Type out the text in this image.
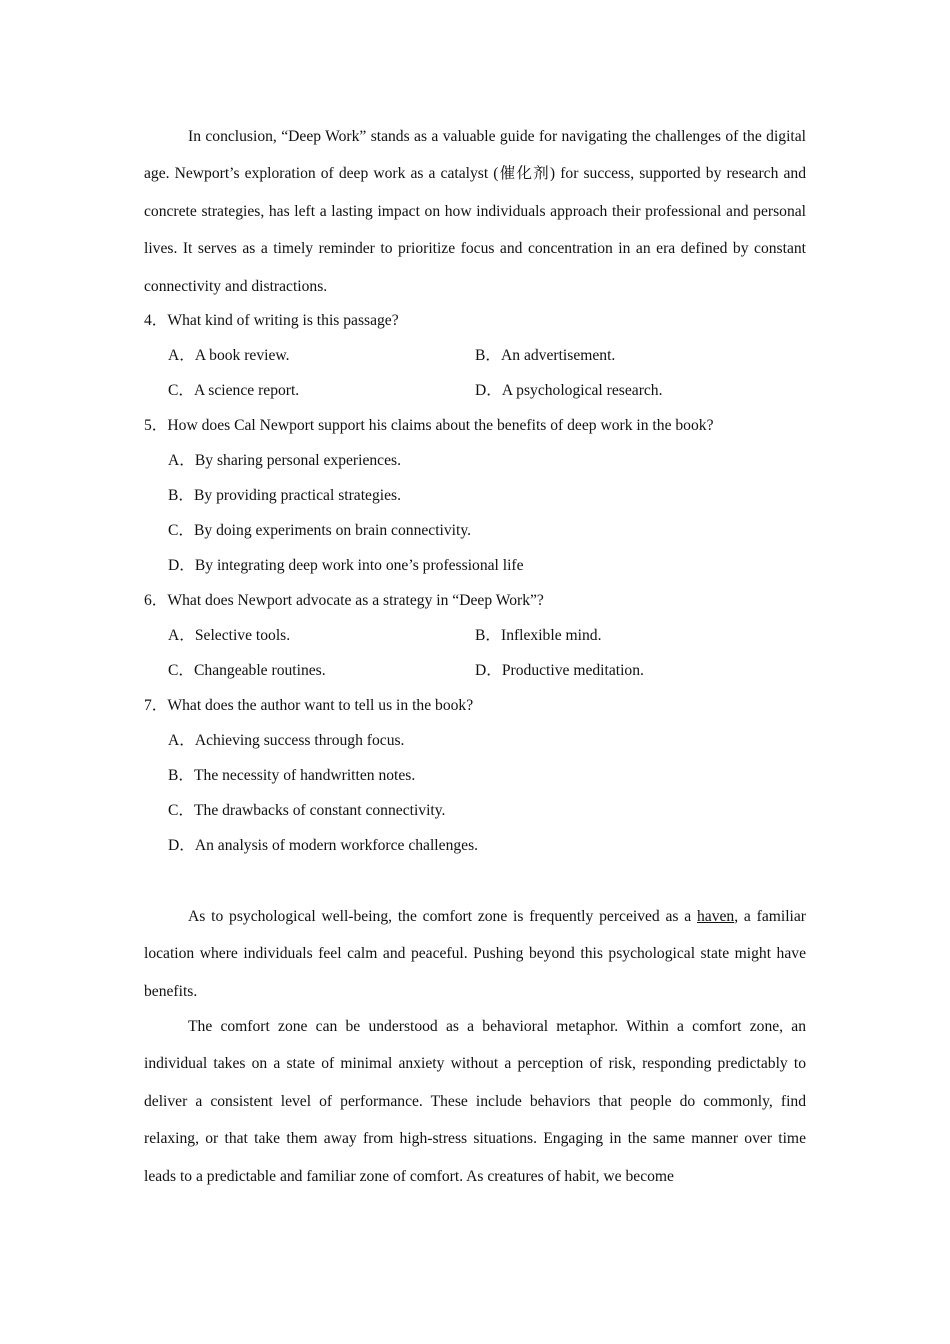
In conclusion, “Deep Work” stands as a valuable guide for navigating the challenges of the digital age. Newport’s exploration of deep work as a catalyst (催化剂) for success, supported by research and concrete strategies, has left a lasting impact on how individuals approach their professional and personal lives. It serves as a timely reminder to prioritize focus and concentration in an era defined by constant connectivity and distractions.

4．What kind of writing is this passage?
A．A book review.	B．An advertisement.
C．A science report.	D．A psychological research.
5．How does Cal Newport support his claims about the benefits of deep work in the book?
A．By sharing personal experiences.
B．By providing practical strategies.
C．By doing experiments on brain connectivity.
D．By integrating deep work into one’s professional life
6．What does Newport advocate as a strategy in “Deep Work”?
A．Selective tools.	B．Inflexible mind.
C．Changeable routines.	D．Productive meditation.
7．What does the author want to tell us in the book?
A．Achieving success through focus.
B．The necessity of handwritten notes.
C．The drawbacks of constant connectivity.
D．An analysis of modern workforce challenges.

As to psychological well-being, the comfort zone is frequently perceived as a haven, a familiar location where individuals feel calm and peaceful. Pushing beyond this psychological state might have benefits.

The comfort zone can be understood as a behavioral metaphor. Within a comfort zone, an individual takes on a state of minimal anxiety without a perception of risk, responding predictably to deliver a consistent level of performance. These include behaviors that people do commonly, find relaxing, or that take them away from high-stress situations. Engaging in the same manner over time leads to a predictable and familiar zone of comfort. As creatures of habit, we become
